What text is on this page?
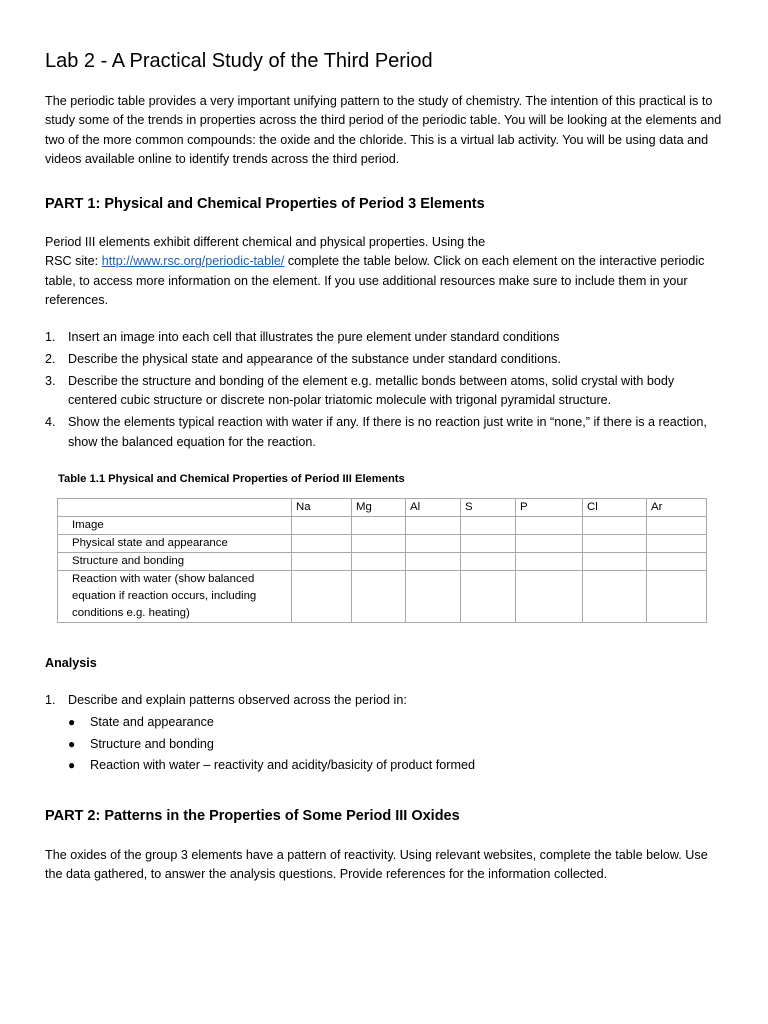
Lab 2 - A Practical Study of the Third Period

The periodic table provides a very important unifying pattern to the study of chemistry. The intention of this practical is to study some of the trends in properties across the third period of the periodic table. You will be looking at the elements and two of the more common compounds: the oxide and the chloride. This is a virtual lab activity. You will be using data and videos available online to identify trends across the third period.

PART 1: Physical and Chemical Properties of Period 3 Elements

Period III elements exhibit different chemical and physical properties. Using the
RSC site: http://www.rsc.org/periodic-table/ complete the table below. Click on each element on the interactive periodic table, to access more information on the element. If you use additional resources make sure to include them in your references.

1. Insert an image into each cell that illustrates the pure element under standard conditions
2. Describe the physical state and appearance of the substance under standard conditions.
3. Describe the structure and bonding of the element e.g. metallic bonds between atoms, solid crystal with body centered cubic structure or discrete non-polar triatomic molecule with trigonal pyramidal structure.
4. Show the elements typical reaction with water if any. If there is no reaction just write in “none,” if there is a reaction, show the balanced equation for the reaction.

Table 1.1 Physical and Chemical Properties of Period III Elements

	Na	Mg	Al	S	P	Cl	Ar
Image							
Physical state and appearance							
Structure and bonding							
Reaction with water (show balanced equation if reaction occurs, including conditions e.g. heating)							

Analysis

1. Describe and explain patterns observed across the period in:
● State and appearance
● Structure and bonding
● Reaction with water – reactivity and acidity/basicity of product formed
PART 2: Patterns in the Properties of Some Period III Oxides

The oxides of the group 3 elements have a pattern of reactivity. Using relevant websites, complete the table below. Use the data gathered, to answer the analysis questions. Provide references for the information collected.
